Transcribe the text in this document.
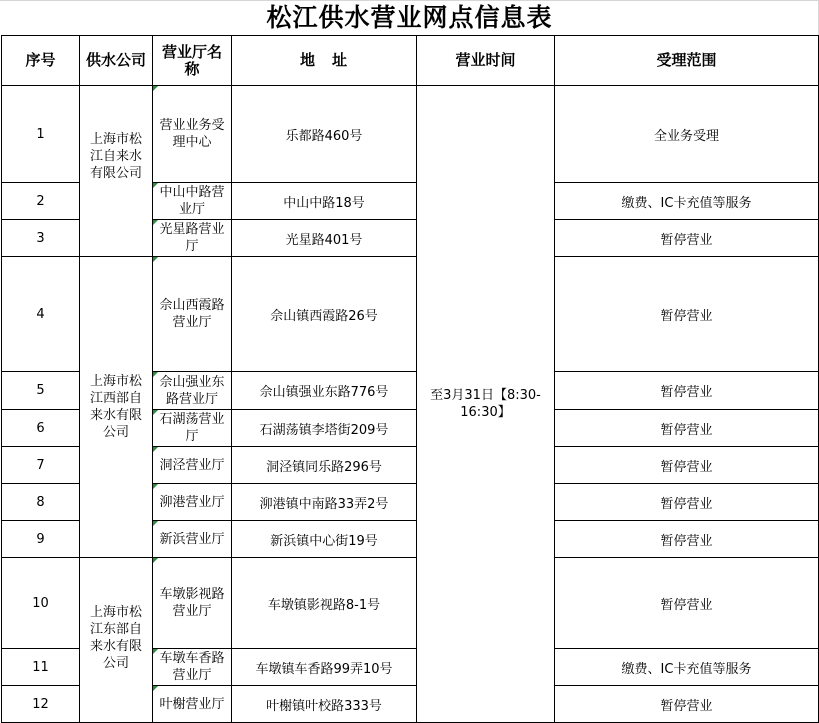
松江供水营业网点信息表
序号	供水公司	营业厅名称	地　址	营业时间	受理范围
1	上海市松江自来水有限公司	营业业务受理中心	乐都路460号	至3月31日【8:30-16:30】	全业务受理
2		中山中路营业厅	中山中路18号		缴费、IC卡充值等服务
3		光星路营业厅	光星路401号		暂停营业
4	上海市松江西部自来水有限公司	佘山西霞路营业厅	佘山镇西霞路26号		暂停营业
5		佘山强业东路营业厅	佘山镇强业东路776号		暂停营业
6		石湖荡营业厅	石湖荡镇李塔街209号		暂停营业
7		洞泾营业厅	洞泾镇同乐路296号		暂停营业
8		泖港营业厅	泖港镇中南路33弄2号		暂停营业
9		新浜营业厅	新浜镇中心街19号		暂停营业
10	上海市松江东部自来水有限公司	车墩影视路营业厅	车墩镇影视路8-1号		暂停营业
11		车墩车香路营业厅	车墩镇车香路99弄10号		缴费、IC卡充值等服务
12		叶榭营业厅	叶榭镇叶校路333号		暂停营业
